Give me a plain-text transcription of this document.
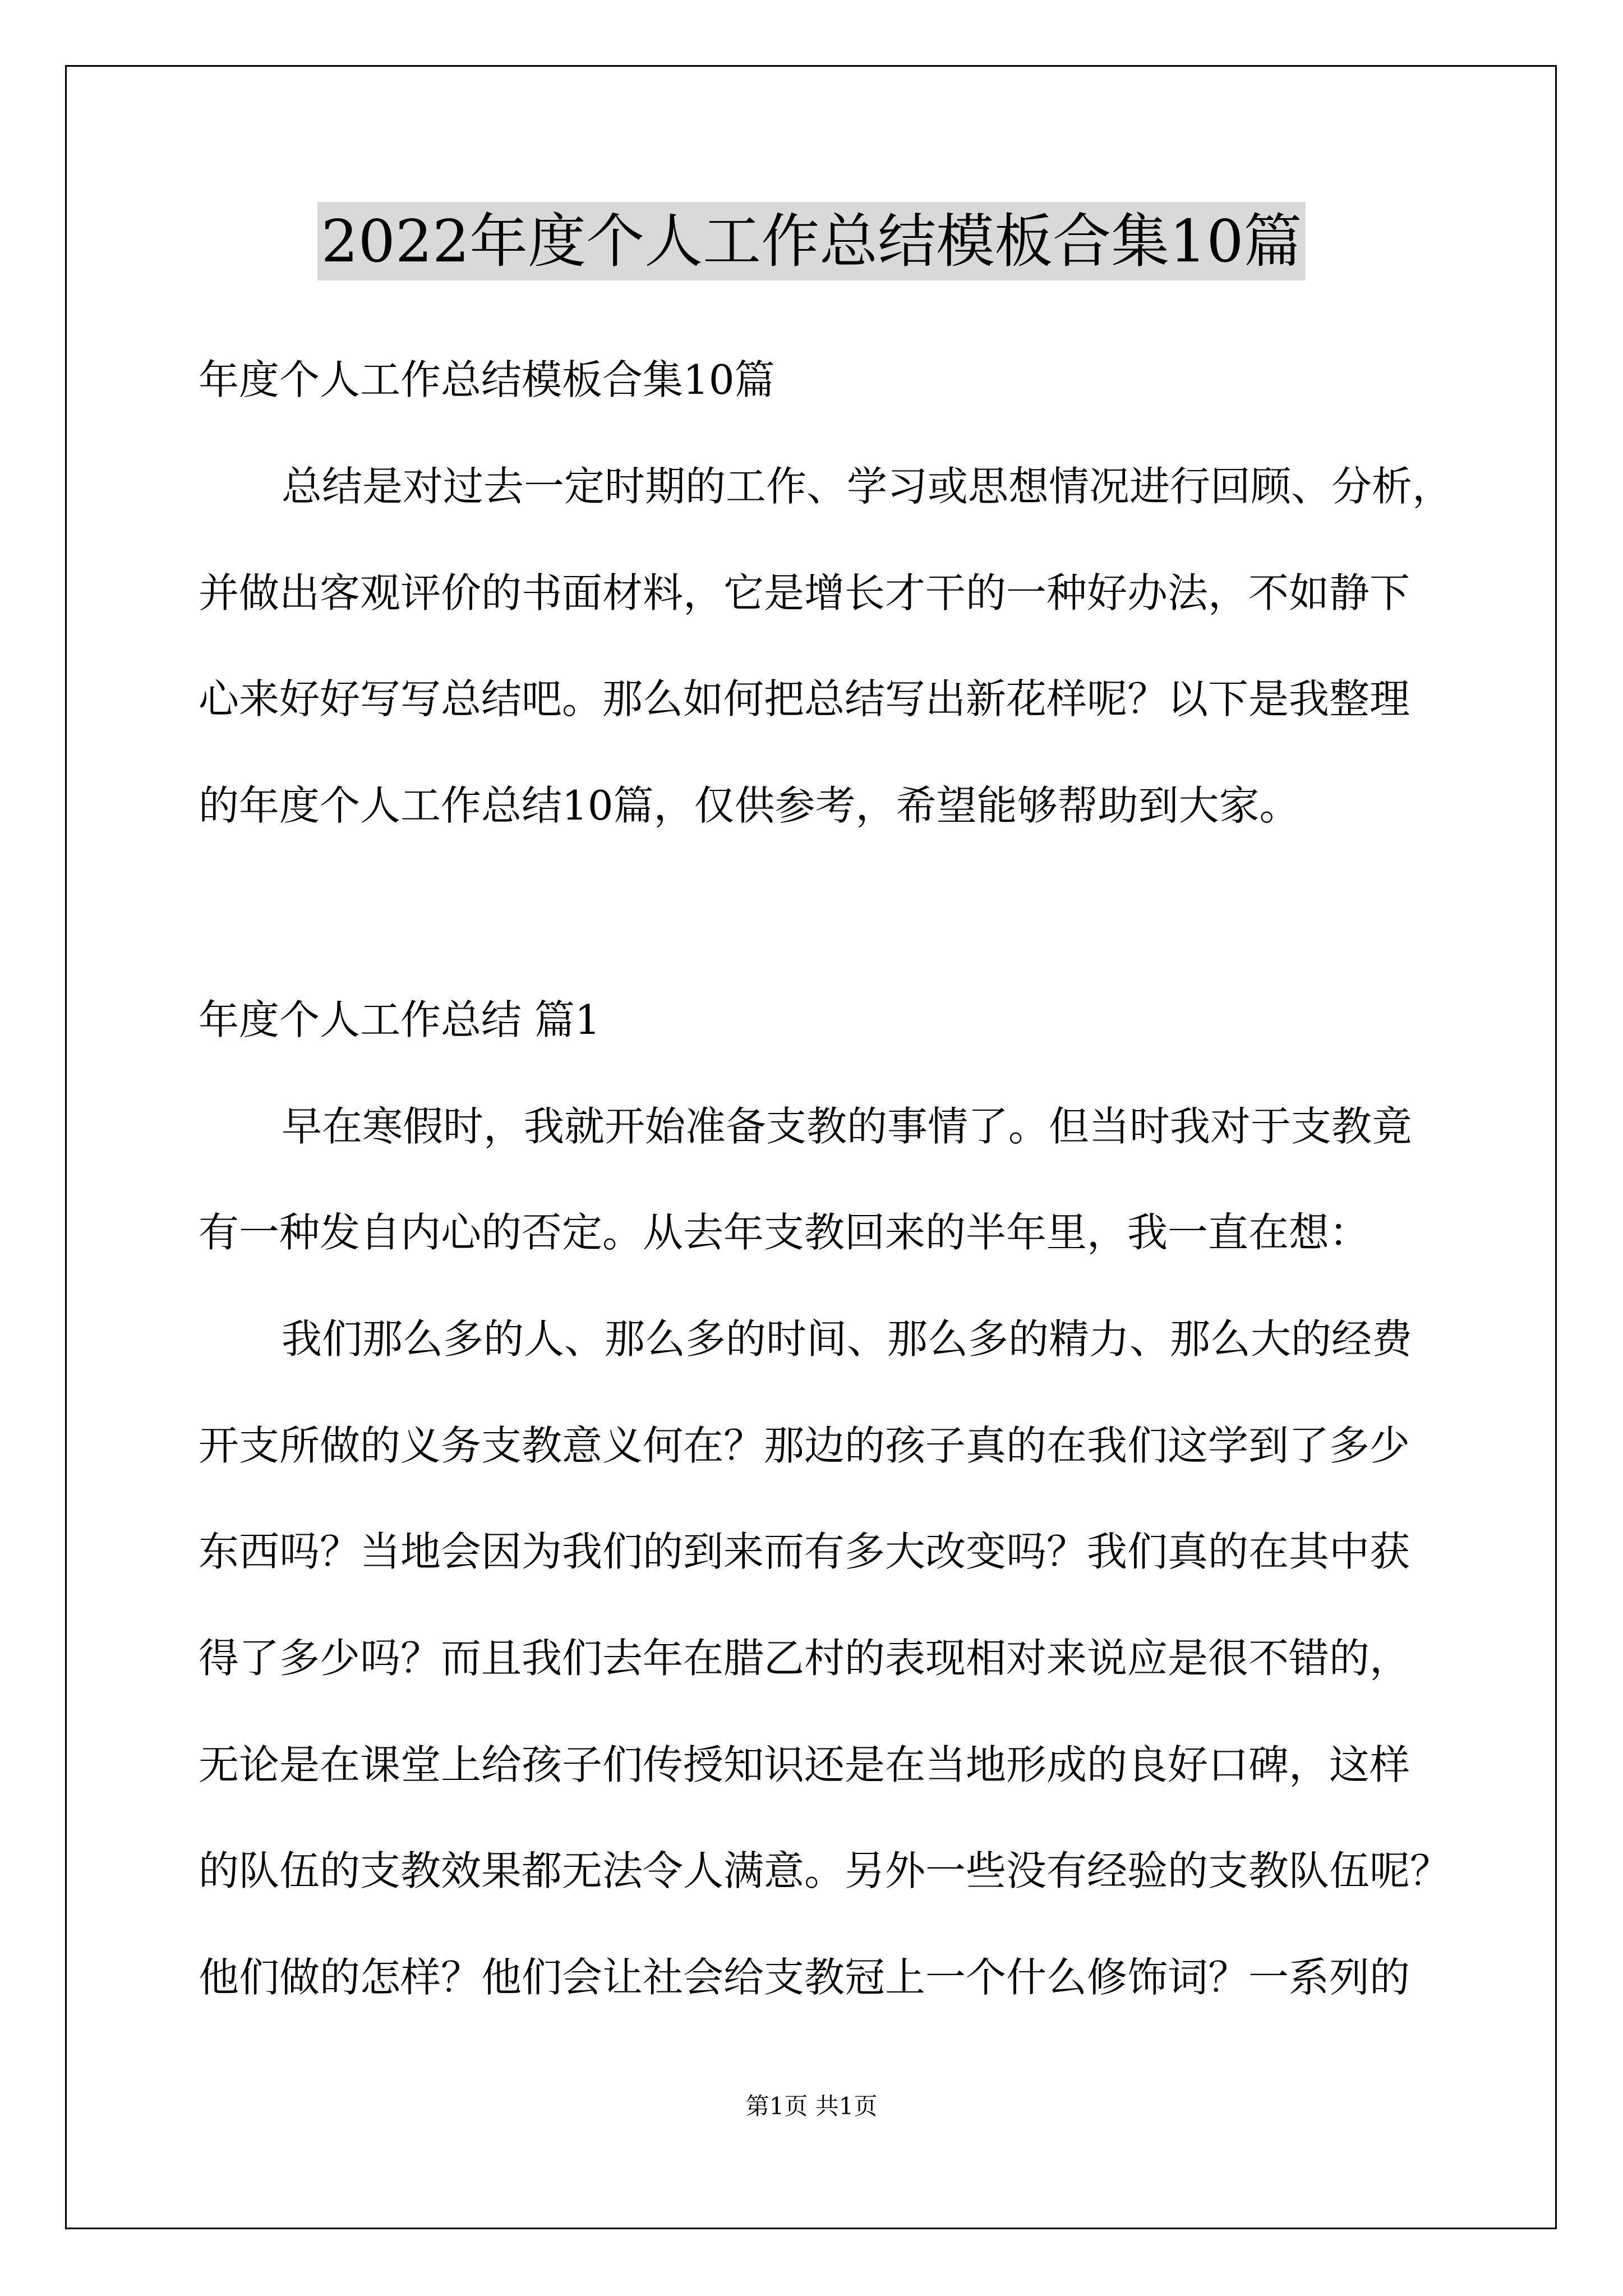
2022年度个人工作总结模板合集10篇
年度个人工作总结模板合集10篇
总结是对过去一定时期的工作、学习或思想情况进行回顾、分析，
并做出客观评价的书面材料，它是增长才干的一种好办法，不如静下
心来好好写写总结吧。那么如何把总结写出新花样呢？以下是我整理
的年度个人工作总结10篇，仅供参考，希望能够帮助到大家。
年度个人工作总结 篇1
早在寒假时，我就开始准备支教的事情了。但当时我对于支教竟
有一种发自内心的否定。从去年支教回来的半年里，我一直在想：
我们那么多的人、那么多的时间、那么多的精力、那么大的经费
开支所做的义务支教意义何在？那边的孩子真的在我们这学到了多少
东西吗？当地会因为我们的到来而有多大改变吗？我们真的在其中获
得了多少吗？而且我们去年在腊乙村的表现相对来说应是很不错的，
无论是在课堂上给孩子们传授知识还是在当地形成的良好口碑，这样
的队伍的支教效果都无法令人满意。另外一些没有经验的支教队伍呢？
他们做的怎样？他们会让社会给支教冠上一个什么修饰词？一系列的
第1页 共1页
